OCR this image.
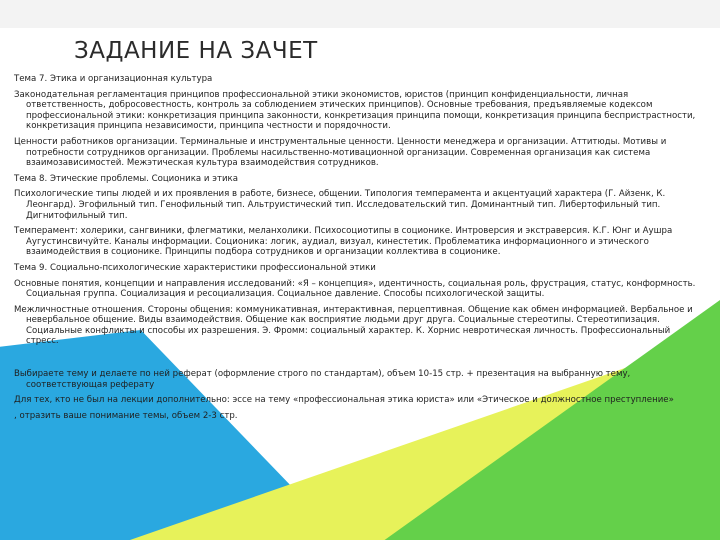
ЗАДАНИЕ НА ЗАЧЕТ

Тема 7. Этика и организационная культура

Законодательная регламентация принципов профессиональной этики экономистов, юристов (принцип конфиденциальности, личная ответственность, добросовестность, контроль за соблюдением этических принципов). Основные требования, предъявляемые кодексом профессиональной этики: конкретизация принципа законности, конкретизация принципа помощи, конкретизация принципа беспристрастности, конкретизация принципа независимости, принципа честности и порядочности.

Ценности работников организации. Терминальные и инструментальные ценности. Ценности менеджера и организации. Аттитюды. Мотивы и потребности сотрудников организации. Проблемы насильственно-мотивационной организации. Современная организация как система взаимозависимостей. Межэтическая культура взаимодействия сотрудников.

Тема 8. Этические проблемы. Соционика и этика

Психологические типы людей и их проявления в работе, бизнесе, общении. Типология темперамента и акцентуаций характера (Г. Айзенк, К. Леонгард). Эгофильный тип. Генофильный тип. Альтруистический тип. Исследовательский тип. Доминантный тип. Либертофильный тип. Дигнитофильный тип.

Темперамент: холерики, сангвиники, флегматики, меланхолики. Психосоциотипы в соционике. Интроверсия и экстраверсия. К.Г. Юнг и Аушра Аугустинсвичуйте. Каналы информации. Соционика: логик, аудиал, визуал, кинестетик. Проблематика информационного и этического взаимодействия в соционике. Принципы подбора сотрудников и организации коллектива в соционике.

Тема 9. Социально-психологические характеристики профессиональной этики

Основные понятия, концепции и направления исследований: «Я – концепция», идентичность, социальная роль, фрустрация, статус, конформность. Социальная группа. Социализация и ресоциализация. Социальное давление. Способы психологической защиты.

Межличностные отношения. Стороны общения: коммуникативная, интерактивная, перцептивная. Общение как обмен информацией. Вербальное и невербальное общение. Виды взаимодействия. Общение как восприятие людьми друг друга. Социальные стереотипы. Стереотипизация. Социальные конфликты и способы их разрешения. Э. Фромм: социальный характер. К. Хорнис невротическая личность. Профессиональный стресс.

Выбираете тему и делаете по ней реферат (оформление строго по стандартам), объем 10-15 стр. + презентация на выбранную тему, соответствующая реферату

Для тех, кто не был на лекции дополнительно: эссе на тему «профессиональная этика юриста» или «Этическое и должностное преступление»

, отразить ваше понимание темы, объем 2-3 стр.
